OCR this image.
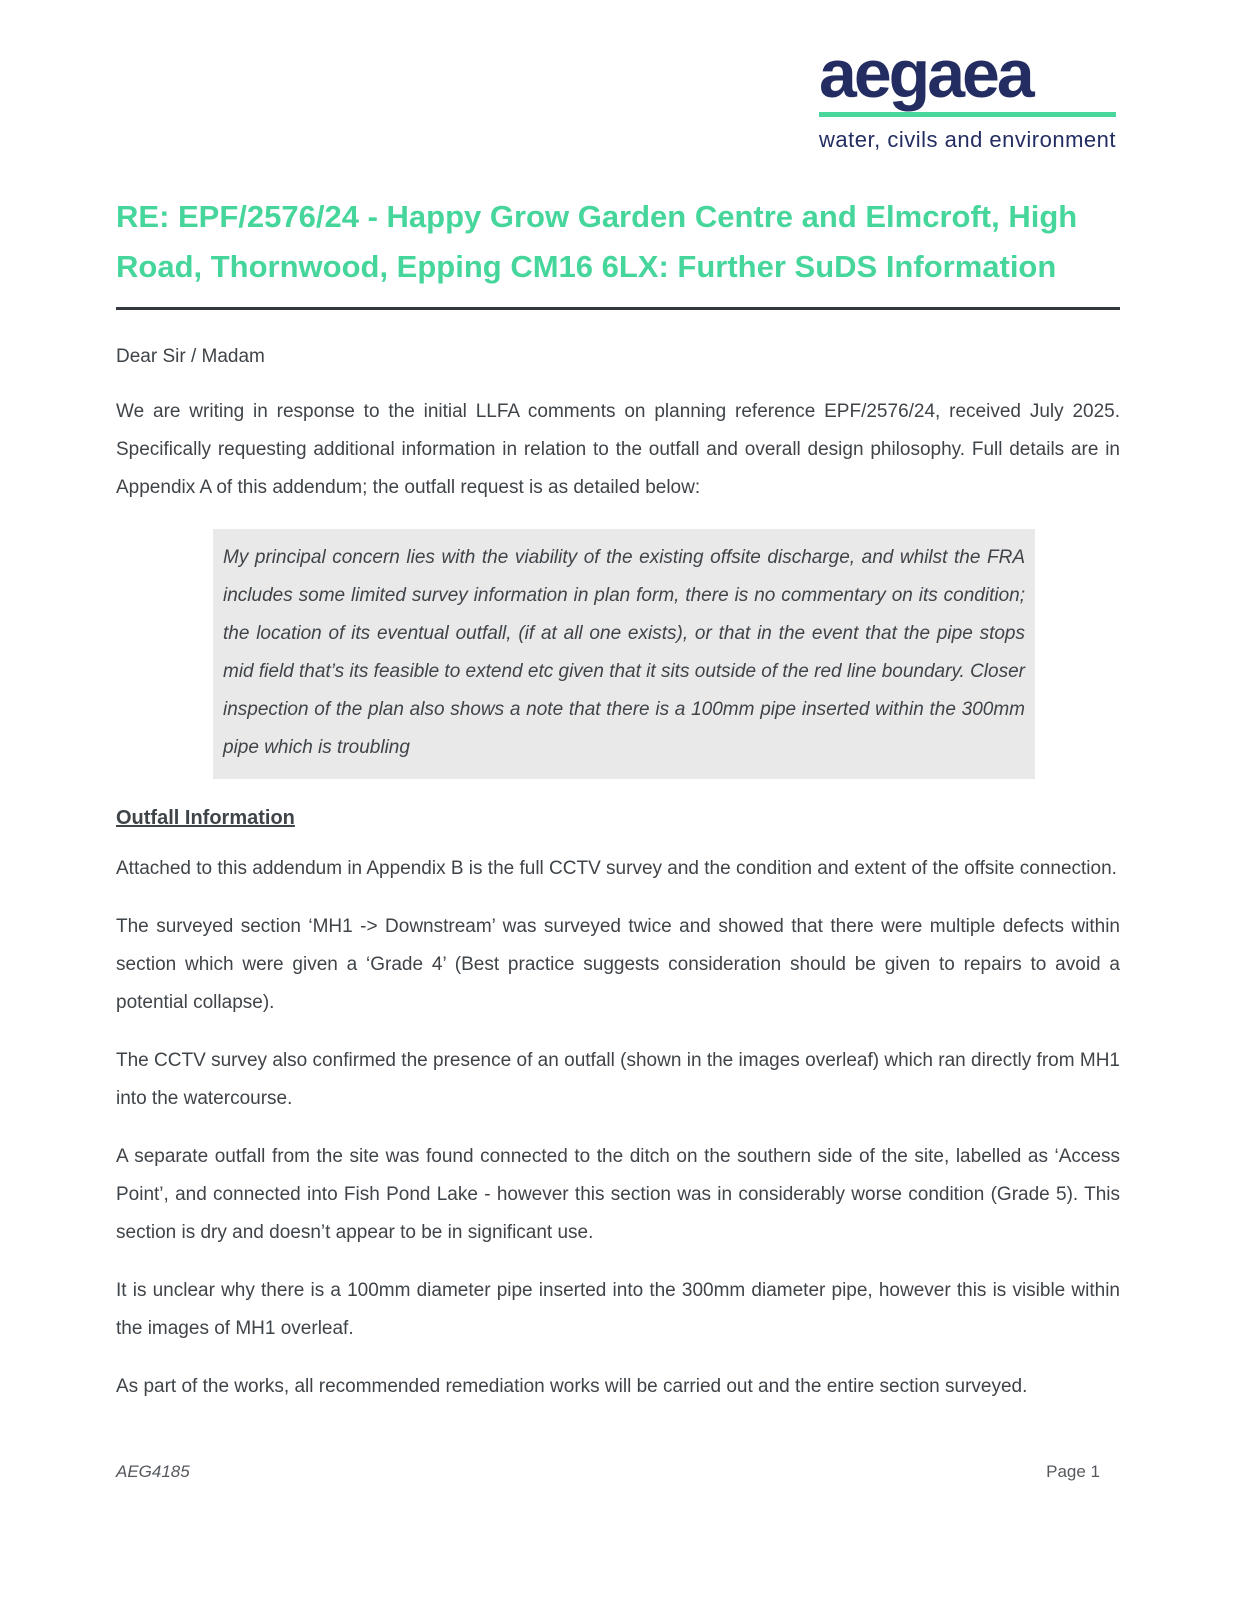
aegaea
water, civils and environment
RE: EPF/2576/24 - Happy Grow Garden Centre and Elmcroft, High Road, Thornwood, Epping CM16 6LX: Further SuDS Information

Dear Sir / Madam

We are writing in response to the initial LLFA comments on planning reference EPF/2576/24, received July 2025. Specifically requesting additional information in relation to the outfall and overall design philosophy. Full details are in Appendix A of this addendum; the outfall request is as detailed below:

My principal concern lies with the viability of the existing offsite discharge, and whilst the FRA includes some limited survey information in plan form, there is no commentary on its condition; the location of its eventual outfall, (if at all one exists), or that in the event that the pipe stops mid field that’s its feasible to extend etc given that it sits outside of the red line boundary. Closer inspection of the plan also shows a note that there is a 100mm pipe inserted within the 300mm pipe which is troubling
Outfall Information

Attached to this addendum in Appendix B is the full CCTV survey and the condition and extent of the offsite connection.

The surveyed section ‘MH1 -> Downstream’ was surveyed twice and showed that there were multiple defects within section which were given a ‘Grade 4’ (Best practice suggests consideration should be given to repairs to avoid a potential collapse).

The CCTV survey also confirmed the presence of an outfall (shown in the images overleaf) which ran directly from MH1 into the watercourse.

A separate outfall from the site was found connected to the ditch on the southern side of the site, labelled as ‘Access Point’, and connected into Fish Pond Lake - however this section was in considerably worse condition (Grade 5). This section is dry and doesn’t appear to be in significant use.

It is unclear why there is a 100mm diameter pipe inserted into the 300mm diameter pipe, however this is visible within the images of MH1 overleaf.

As part of the works, all recommended remediation works will be carried out and the entire section surveyed.

AEG4185	Page 1
